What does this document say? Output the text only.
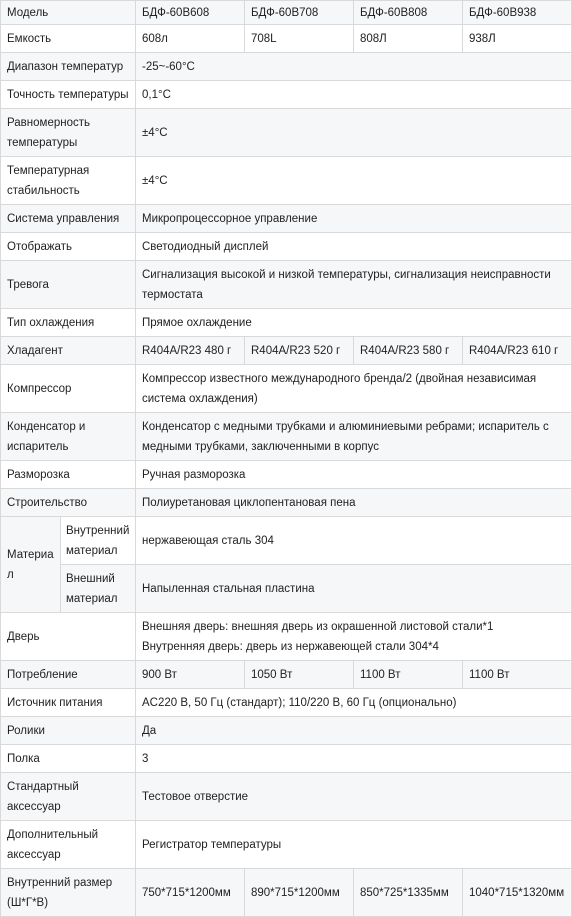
Модель		БДФ-60В608	БДФ-60В708	БДФ-60В808	БДФ-60В938
Емкость		608л	708L	808Л	938Л
Диапазон температур		-25~-60°C			
Точность температуры		0,1°C			
Равномерность температуры		±4°C			
Температурная стабильность		±4°C			
Система управления		Микропроцессорное управление			
Отображать		Светодиодный дисплей			
Тревога		Сигнализация высокой и низкой температуры, сигнализация неисправности термостата			
Тип охлаждения		Прямое охлаждение			
Хладагент		R404A/R23 480 г	R404A/R23 520 г	R404A/R23 580 г	R404A/R23 610 г
Компрессор		Компрессор известного международного бренда/2 (двойная независимая система охлаждения)			
Конденсатор и испаритель		Конденсатор с медными трубками и алюминиевыми ребрами; испаритель с медными трубками, заключенными в корпус			
Разморозка		Ручная разморозка			
Строительство		Полиуретановая циклопентановая пена			
Материал	Внутренний материал	нержавеющая сталь 304			
	Внешний материал	Напыленная стальная пластина			
Дверь		Внешняя дверь: внешняя дверь из окрашенной листовой стали*1
Внутренняя дверь: дверь из нержавеющей стали 304*4			

Потребление		900 Вт	1050 Вт	1100 Вт	1100 Вт
Источник питания		AC220 В, 50 Гц (стандарт); 110/220 В, 60 Гц (опционально)			
Ролики		Да			
Полка		3			
Стандартный аксессуар		Тестовое отверстие			
Дополнительный аксессуар		Регистратор температуры			
Внутренний размер (Ш*Г*В)		750*715*1200мм	890*715*1200мм	850*725*1335мм	1040*715*1320мм
